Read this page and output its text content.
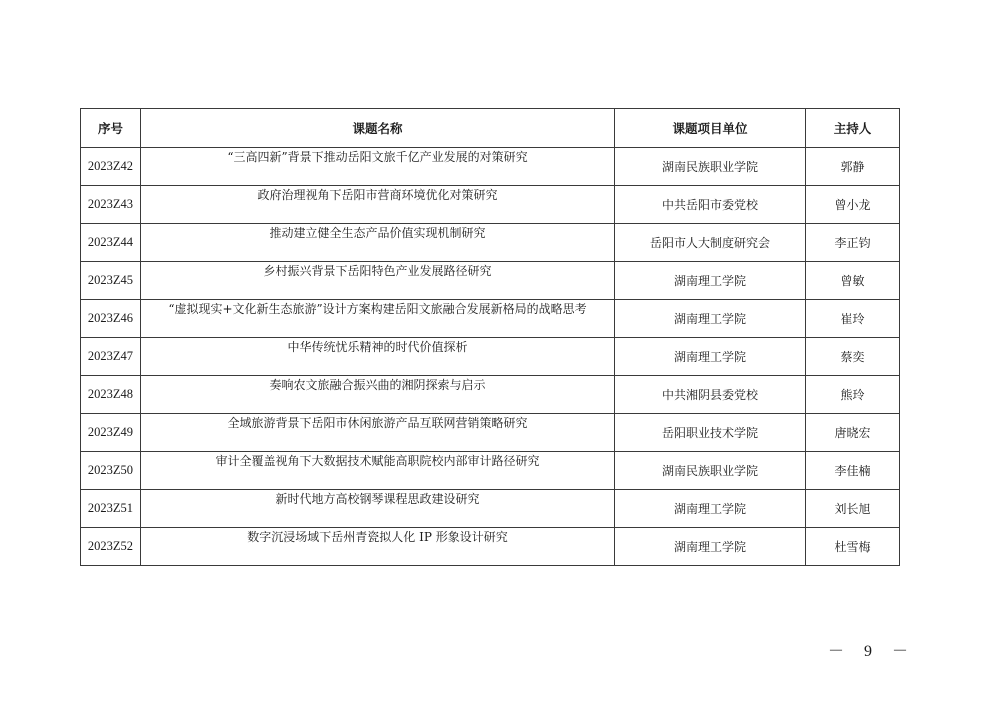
序号	课题名称	课题项目单位	主持人
2023Z42	“三高四新”背景下推动岳阳文旅千亿产业发展的对策研究	湖南民族职业学院	郭静
2023Z43	政府治理视角下岳阳市营商环境优化对策研究	中共岳阳市委党校	曾小龙
2023Z44	推动建立健全生态产品价值实现机制研究	岳阳市人大制度研究会	李正钧
2023Z45	乡村振兴背景下岳阳特色产业发展路径研究	湖南理工学院	曾敏
2023Z46	“虚拟现实+文化新生态旅游”设计方案构建岳阳文旅融合发展新格局的战略思考	湖南理工学院	崔玲
2023Z47	中华传统忧乐精神的时代价值探析	湖南理工学院	蔡奕
2023Z48	奏响农文旅融合振兴曲的湘阴探索与启示	中共湘阴县委党校	熊玲
2023Z49	全域旅游背景下岳阳市休闲旅游产品互联网营销策略研究	岳阳职业技术学院	唐晓宏
2023Z50	审计全覆盖视角下大数据技术赋能高职院校内部审计路径研究	湖南民族职业学院	李佳楠
2023Z51	新时代地方高校钢琴课程思政建设研究	湖南理工学院	刘长旭
2023Z52	数字沉浸场域下岳州青瓷拟人化 IP 形象设计研究	湖南理工学院	杜雪梅
－ 9 －
